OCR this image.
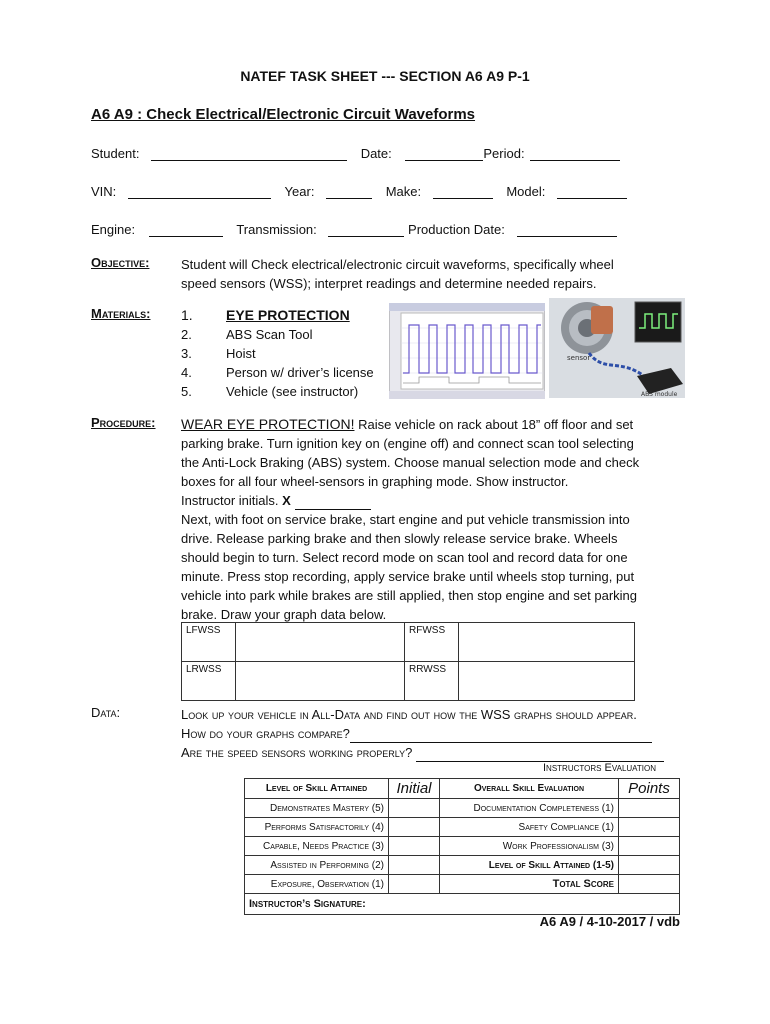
NATEF TASK SHEET --- SECTION A6 A9 P-1
A6 A9 : Check Electrical/Electronic Circuit Waveforms
Student:	Date:	Period:
VIN:	Year:	Make:	Model:
Engine:	Transmission:	Production Date:
Objective: Student will Check electrical/electronic circuit waveforms, specifically wheel
speed sensors (WSS); interpret readings and determine needed repairs.
Materials: 1. EYE PROTECTION
2.	ABS Scan Tool
3.	Hoist
4.	Person w/ driver’s license
5.	Vehicle (see instructor)
sensor
ABS module
Procedure: WEAR EYE PROTECTION! Raise vehicle on rack about 18” off floor and set
parking brake. Turn ignition key on (engine off) and connect scan tool selecting
the Anti-Lock Braking (ABS) system. Choose manual selection mode and check
boxes for all four wheel-sensors in graphing mode. Show instructor.
Instructor initials. X
Next, with foot on service brake, start engine and put vehicle transmission into
drive. Release parking brake and then slowly release service brake. Wheels
should begin to turn. Select record mode on scan tool and record data for one
minute. Press stop recording, apply service brake until wheels stop turning, put
vehicle into park while brakes are still applied, then stop engine and set parking
brake. Draw your graph data below.
LFWSS		RFWSS	
LRWSS		RRWSS	
Data:	Look up your vehicle in All-Data and find out how the WSS graphs should appear.
How do your graphs compare?
Are the speed sensors working properly?
Instructors Evaluation
Level of Skill Attained	Initial	Overall Skill Evaluation	Points
Demonstrates Mastery (5)		Documentation Completeness (1)	
Performs Satisfactorily (4)		Safety Compliance (1)	
Capable, Needs Practice (3)		Work Professionalism (3)	
Assisted in Performing (2)		Level of Skill Attained (1-5)	
Exposure, Observation (1)		Total Score	
Instructor’s Signature:			
A6 A9 / 4-10-2017 / vdb
